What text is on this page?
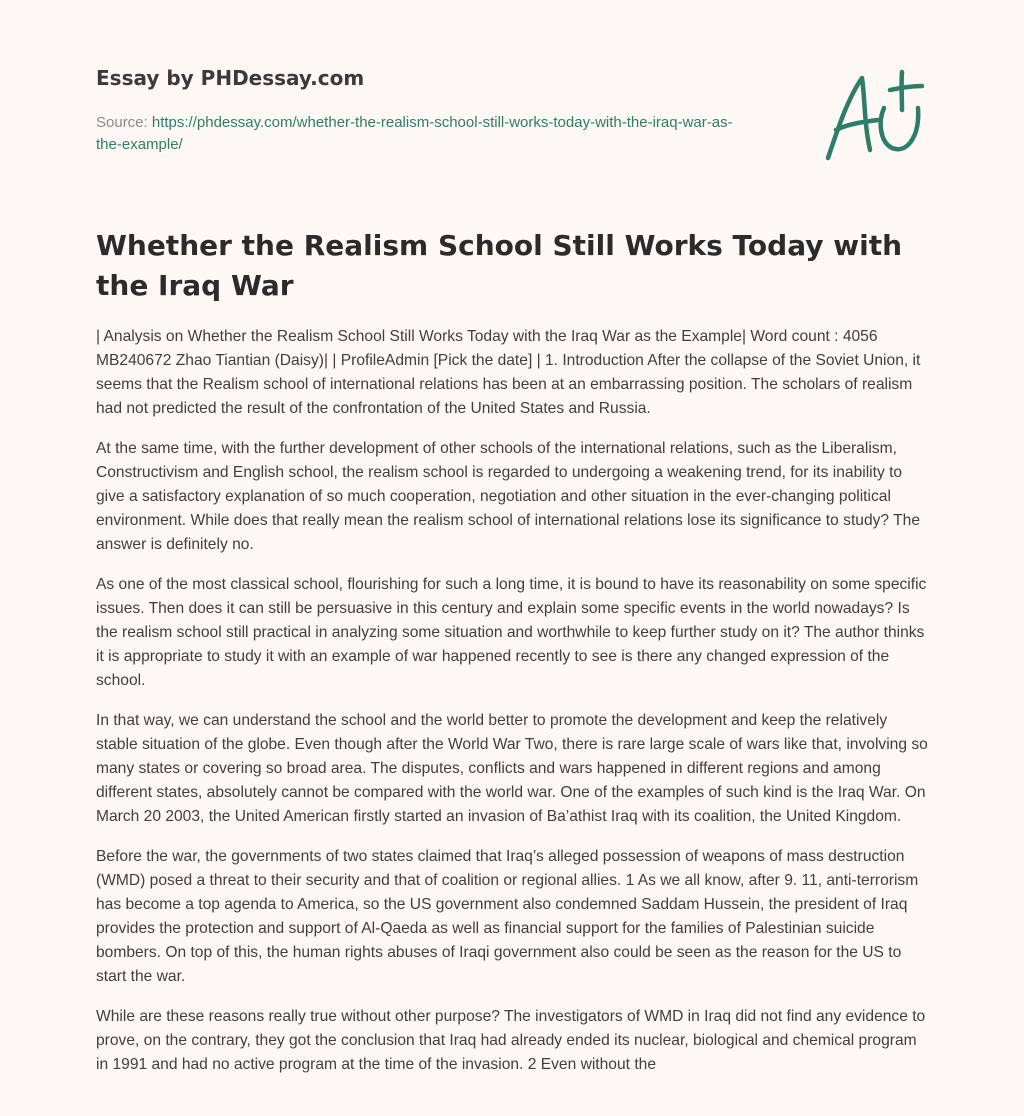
Essay by PHDessay.com

Source: https://phdessay.com/whether-the-realism-school-still-works-today-with-the-iraq-war-as-the-example/

Whether the Realism School Still Works Today with the Iraq War

| Analysis on Whether the Realism School Still Works Today with the Iraq War as the Example| Word count : 4056 MB240672 Zhao Tiantian (Daisy)| | ProfileAdmin [Pick the date] | 1. Introduction After the collapse of the Soviet Union, it seems that the Realism school of international relations has been at an embarrassing position. The scholars of realism had not predicted the result of the confrontation of the United States and Russia.

At the same time, with the further development of other schools of the international relations, such as the Liberalism, Constructivism and English school, the realism school is regarded to undergoing a weakening trend, for its inability to give a satisfactory explanation of so much cooperation, negotiation and other situation in the ever-changing political environment. While does that really mean the realism school of international relations lose its significance to study? The answer is definitely no.

As one of the most classical school, flourishing for such a long time, it is bound to have its reasonability on some specific issues. Then does it can still be persuasive in this century and explain some specific events in the world nowadays? Is the realism school still practical in analyzing some situation and worthwhile to keep further study on it? The author thinks it is appropriate to study it with an example of war happened recently to see is there any changed expression of the school.

In that way, we can understand the school and the world better to promote the development and keep the relatively stable situation of the globe. Even though after the World War Two, there is rare large scale of wars like that, involving so many states or covering so broad area. The disputes, conflicts and wars happened in different regions and among different states, absolutely cannot be compared with the world war. One of the examples of such kind is the Iraq War. On March 20 2003, the United American firstly started an invasion of Ba’athist Iraq with its coalition, the United Kingdom.

Before the war, the governments of two states claimed that Iraq’s alleged possession of weapons of mass destruction (WMD) posed a threat to their security and that of coalition or regional allies. 1 As we all know, after 9. 11, anti-terrorism has become a top agenda to America, so the US government also condemned Saddam Hussein, the president of Iraq provides the protection and support of Al-Qaeda as well as financial support for the families of Palestinian suicide bombers. On top of this, the human rights abuses of Iraqi government also could be seen as the reason for the US to start the war.

While are these reasons really true without other purpose? The investigators of WMD in Iraq did not find any evidence to prove, on the contrary, they got the conclusion that Iraq had already ended its nuclear, biological and chemical program in 1991 and had no active program at the time of the invasion. 2 Even without the
